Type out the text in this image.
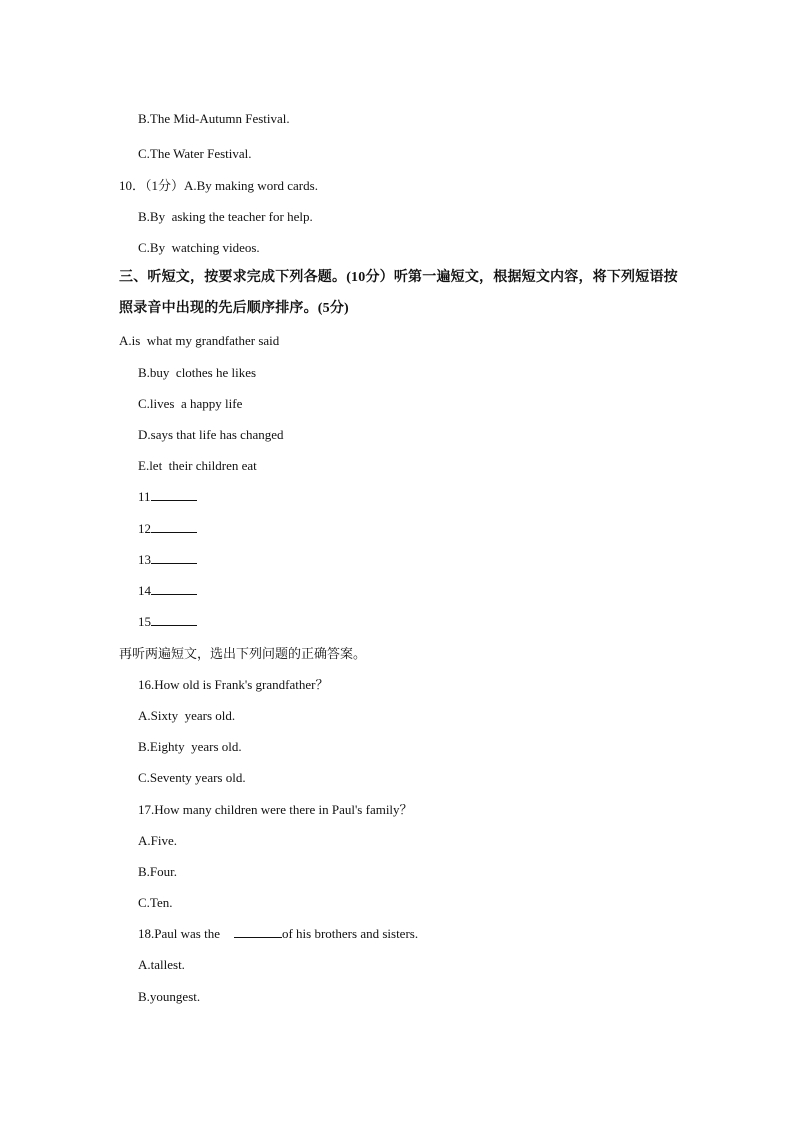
B.The Mid-Autumn Festival.
C.The Water Festival.
10．（1分）A.By making word cards.
B.By  asking the teacher for help.
C.By  watching videos.
三、听短文，按要求完成下列各题。(10分）听第一遍短文，根据短文内容，将下列短语按
照录音中出现的先后顺序排序。(5分)
A.is  what my grandfather said
B.buy  clothes he likes
C.lives  a happy life
D.says that life has changed
E.let  their children eat
11
12
13
14
15
再听两遍短文，选出下列问题的正确答案。
16.How old is Frank's grandfather？
A.Sixty  years old.
B.Eighty  years old.
C.Seventy years old.
17.How many children were there in Paul's family？
A.Five.
B.Four.
C.Ten.
18.Paul was the	of his brothers and sisters.
A.tallest.
B.youngest.
